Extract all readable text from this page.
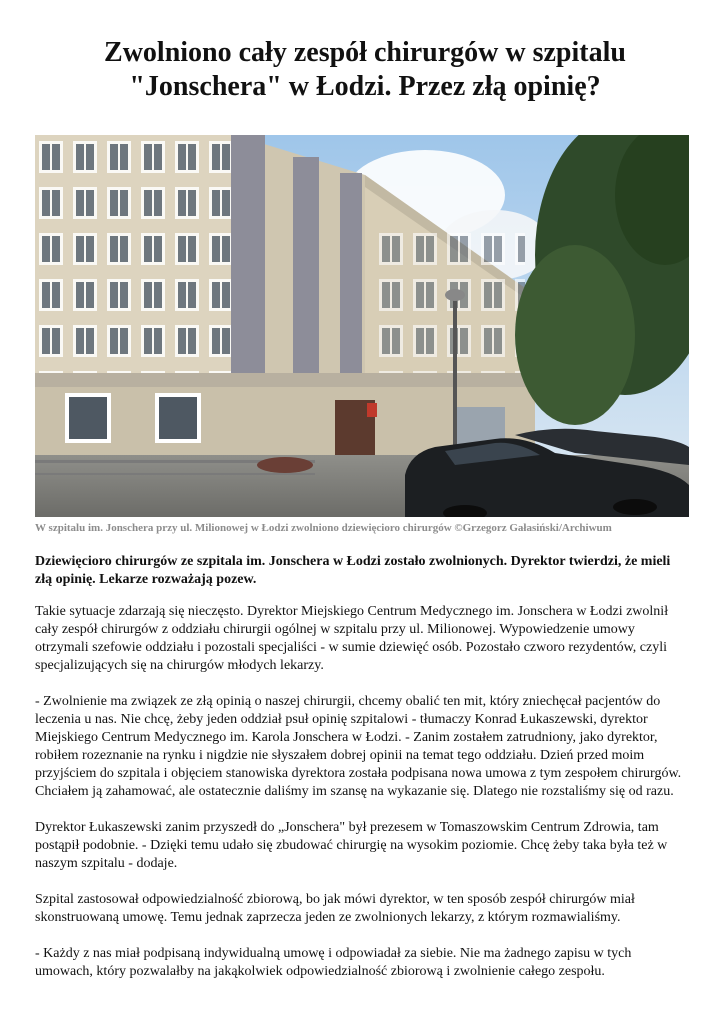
Zwolniono cały zespół chirurgów w szpitalu "Jonschera" w Łodzi. Przez złą opinię?
W szpitalu im. Jonschera przy ul. Milionowej w Łodzi zwolniono dziewięcioro chirurgów ©Grzegorz Gałasiński/Archiwum

Dziewięcioro chirurgów ze szpitala im. Jonschera w Łodzi zostało zwolnionych. Dyrektor twierdzi, że mieli złą opinię. Lekarze rozważają pozew.

Takie sytuacje zdarzają się nieczęsto. Dyrektor Miejskiego Centrum Medycznego im. Jonschera w Łodzi zwolnił cały zespół chirurgów z oddziału chirurgii ogólnej w szpitalu przy ul. Milionowej. Wypowiedzenie umowy otrzymali szefowie oddziału i pozostali specjaliści - w sumie dziewięć osób. Pozostało czworo rezydentów, czyli specjalizujących się na chirurgów młodych lekarzy.

- Zwolnienie ma związek ze złą opinią o naszej chirurgii, chcemy obalić ten mit, który zniechęcał pacjentów do leczenia u nas. Nie chcę, żeby jeden oddział psuł opinię szpitalowi - tłumaczy Konrad Łukaszewski, dyrektor Miejskiego Centrum Medycznego im. Karola Jonschera w Łodzi. - Zanim zostałem zatrudniony, jako dyrektor, robiłem rozeznanie na rynku i nigdzie nie słyszałem dobrej opinii na temat tego oddziału. Dzień przed moim przyjściem do szpitala i objęciem stanowiska dyrektora została podpisana nowa umowa z tym zespołem chirurgów. Chciałem ją zahamować, ale ostatecznie daliśmy im szansę na wykazanie się. Dlatego nie rozstaliśmy się od razu.

Dyrektor Łukaszewski zanim przyszedł do „Jonschera" był prezesem w Tomaszowskim Centrum Zdrowia, tam postąpił podobnie. - Dzięki temu udało się zbudować chirurgię na wysokim poziomie. Chcę żeby taka była też w naszym szpitalu - dodaje.

Szpital zastosował odpowiedzialność zbiorową, bo jak mówi dyrektor, w ten sposób zespół chirurgów miał skonstruowaną umowę. Temu jednak zaprzecza jeden ze zwolnionych lekarzy, z którym rozmawialiśmy.

- Każdy z nas miał podpisaną indywidualną umowę i odpowiadał za siebie. Nie ma żadnego zapisu w tych umowach, który pozwalałby na jakąkolwiek odpowiedzialność zbiorową i zwolnienie całego zespołu.
